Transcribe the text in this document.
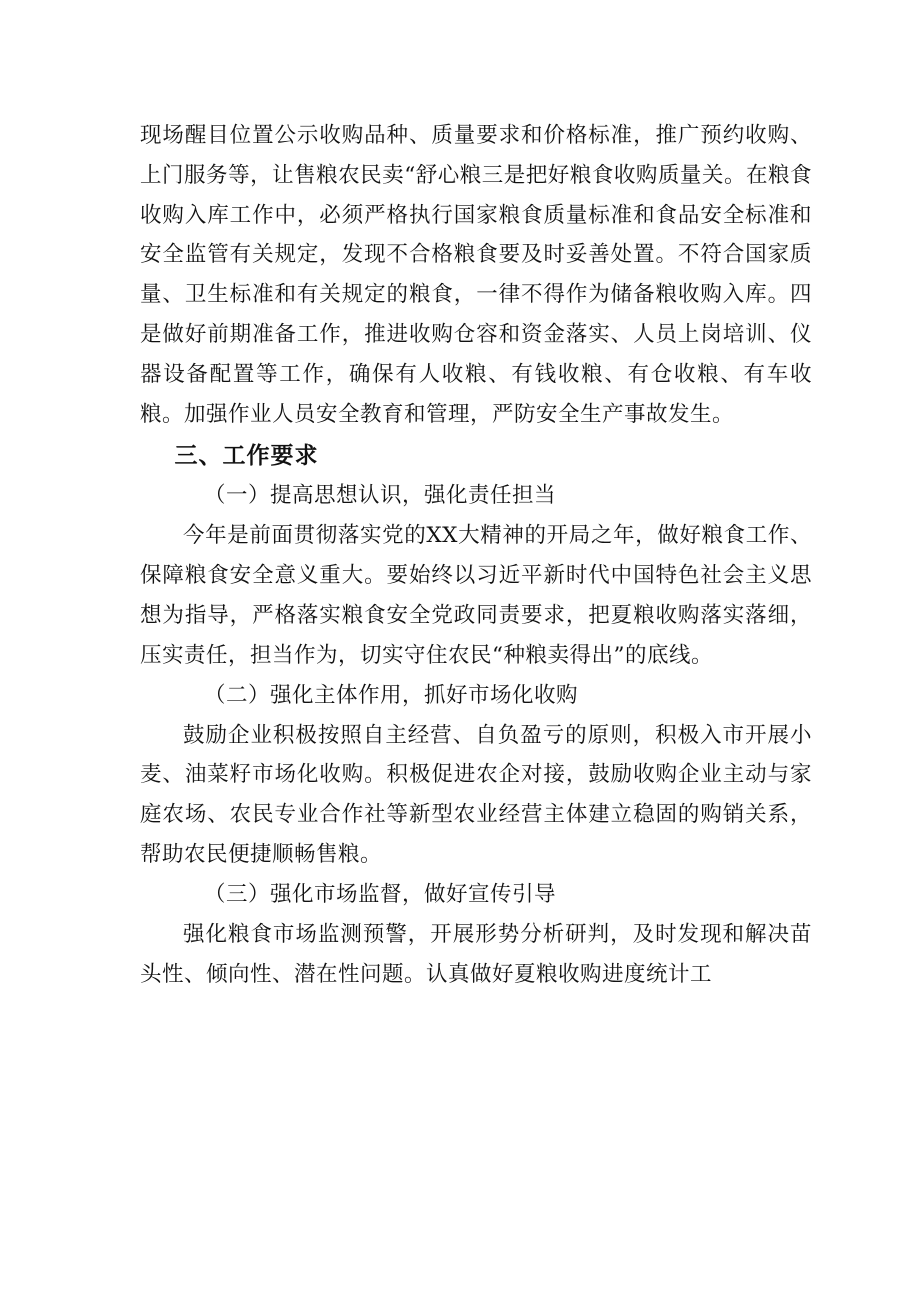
现场醒目位置公示收购品种、质量要求和价格标准，推广预约收购、上门服务等，让售粮农民卖“舒心粮三是把好粮食收购质量关。在粮食收购入库工作中，必须严格执行国家粮食质量标准和食品安全标准和安全监管有关规定，发现不合格粮食要及时妥善处置。不符合国家质量、卫生标准和有关规定的粮食，一律不得作为储备粮收购入库。四是做好前期准备工作，推进收购仓容和资金落实、人员上岗培训、仪器设备配置等工作，确保有人收粮、有钱收粮、有仓收粮、有车收粮。加强作业人员安全教育和管理，严防安全生产事故发生。

三、工作要求

（一）提高思想认识，强化责任担当

今年是前面贯彻落实党的XX大精神的开局之年，做好粮食工作、保障粮食安全意义重大。要始终以习近平新时代中国特色社会主义思想为指导，严格落实粮食安全党政同责要求，把夏粮收购落实落细，压实责任，担当作为，切实守住农民“种粮卖得出”的底线。

（二）强化主体作用，抓好市场化收购

鼓励企业积极按照自主经营、自负盈亏的原则，积极入市开展小麦、油菜籽市场化收购。积极促进农企对接，鼓励收购企业主动与家庭农场、农民专业合作社等新型农业经营主体建立稳固的购销关系，帮助农民便捷顺畅售粮。

（三）强化市场监督，做好宣传引导

强化粮食市场监测预警，开展形势分析研判，及时发现和解决苗头性、倾向性、潜在性问题。认真做好夏粮收购进度统计工
